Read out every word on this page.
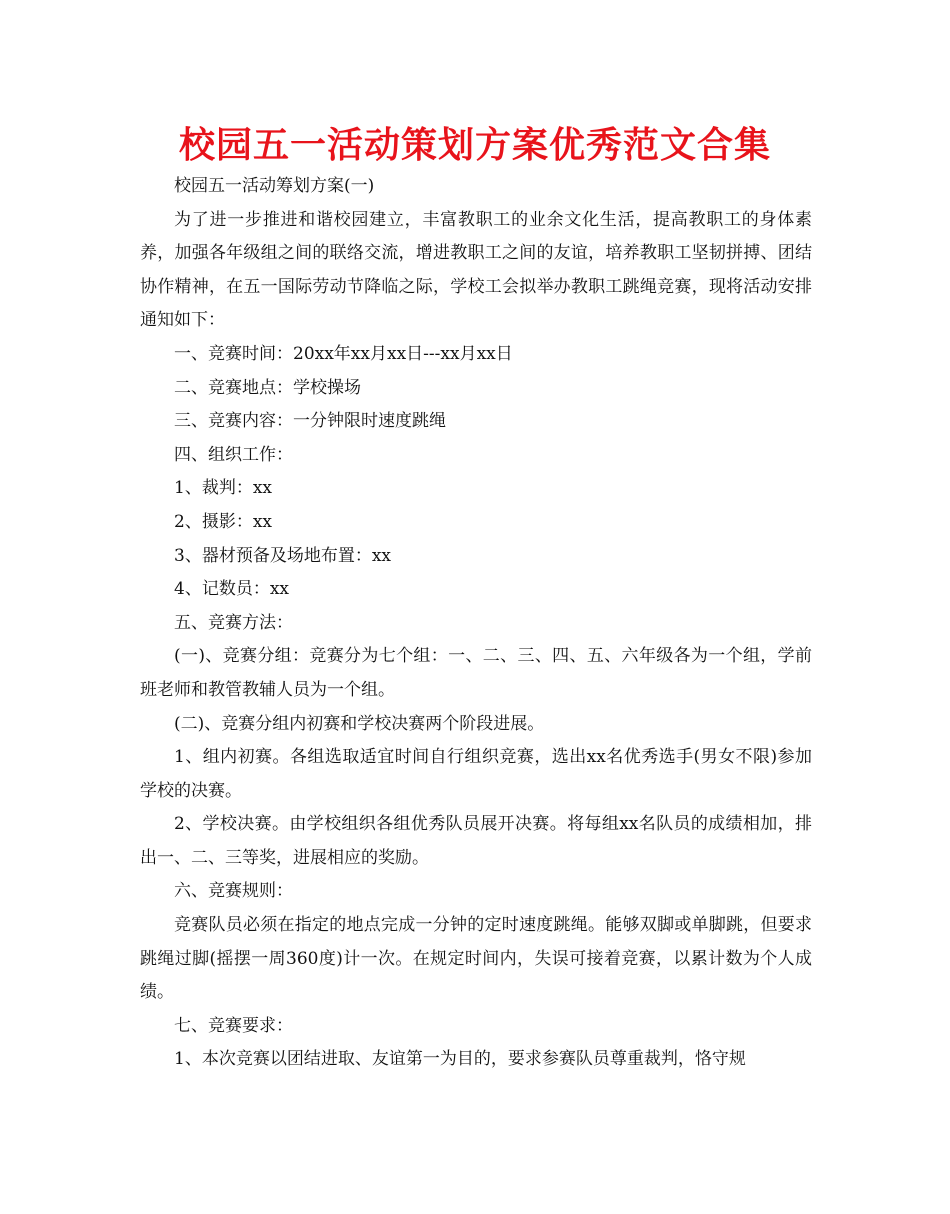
校园五一活动策划方案优秀范文合集

校园五一活动筹划方案(一)

为了进一步推进和谐校园建立，丰富教职工的业余文化生活，提高教职工的身体素养，加强各年级组之间的联络交流，增进教职工之间的友谊，培养教职工坚韧拼搏、团结协作精神，在五一国际劳动节降临之际，学校工会拟举办教职工跳绳竞赛，现将活动安排通知如下：

一、竞赛时间：20xx年xx月xx日---xx月xx日

二、竞赛地点：学校操场

三、竞赛内容：一分钟限时速度跳绳

四、组织工作：

1、裁判：xx

2、摄影：xx

3、器材预备及场地布置：xx

4、记数员：xx

五、竞赛方法：

(一)、竞赛分组：竞赛分为七个组：一、二、三、四、五、六年级各为一个组，学前班老师和教管教辅人员为一个组。

(二)、竞赛分组内初赛和学校决赛两个阶段进展。

1、组内初赛。各组选取适宜时间自行组织竞赛，选出xx名优秀选手(男女不限)参加学校的决赛。

2、学校决赛。由学校组织各组优秀队员展开决赛。将每组xx名队员的成绩相加，排出一、二、三等奖，进展相应的奖励。

六、竞赛规则：

竞赛队员必须在指定的地点完成一分钟的定时速度跳绳。能够双脚或单脚跳，但要求跳绳过脚(摇摆一周360度)计一次。在规定时间内，失误可接着竞赛，以累计数为个人成绩。

七、竞赛要求：

1、本次竞赛以团结进取、友谊第一为目的，要求参赛队员尊重裁判，恪守规
